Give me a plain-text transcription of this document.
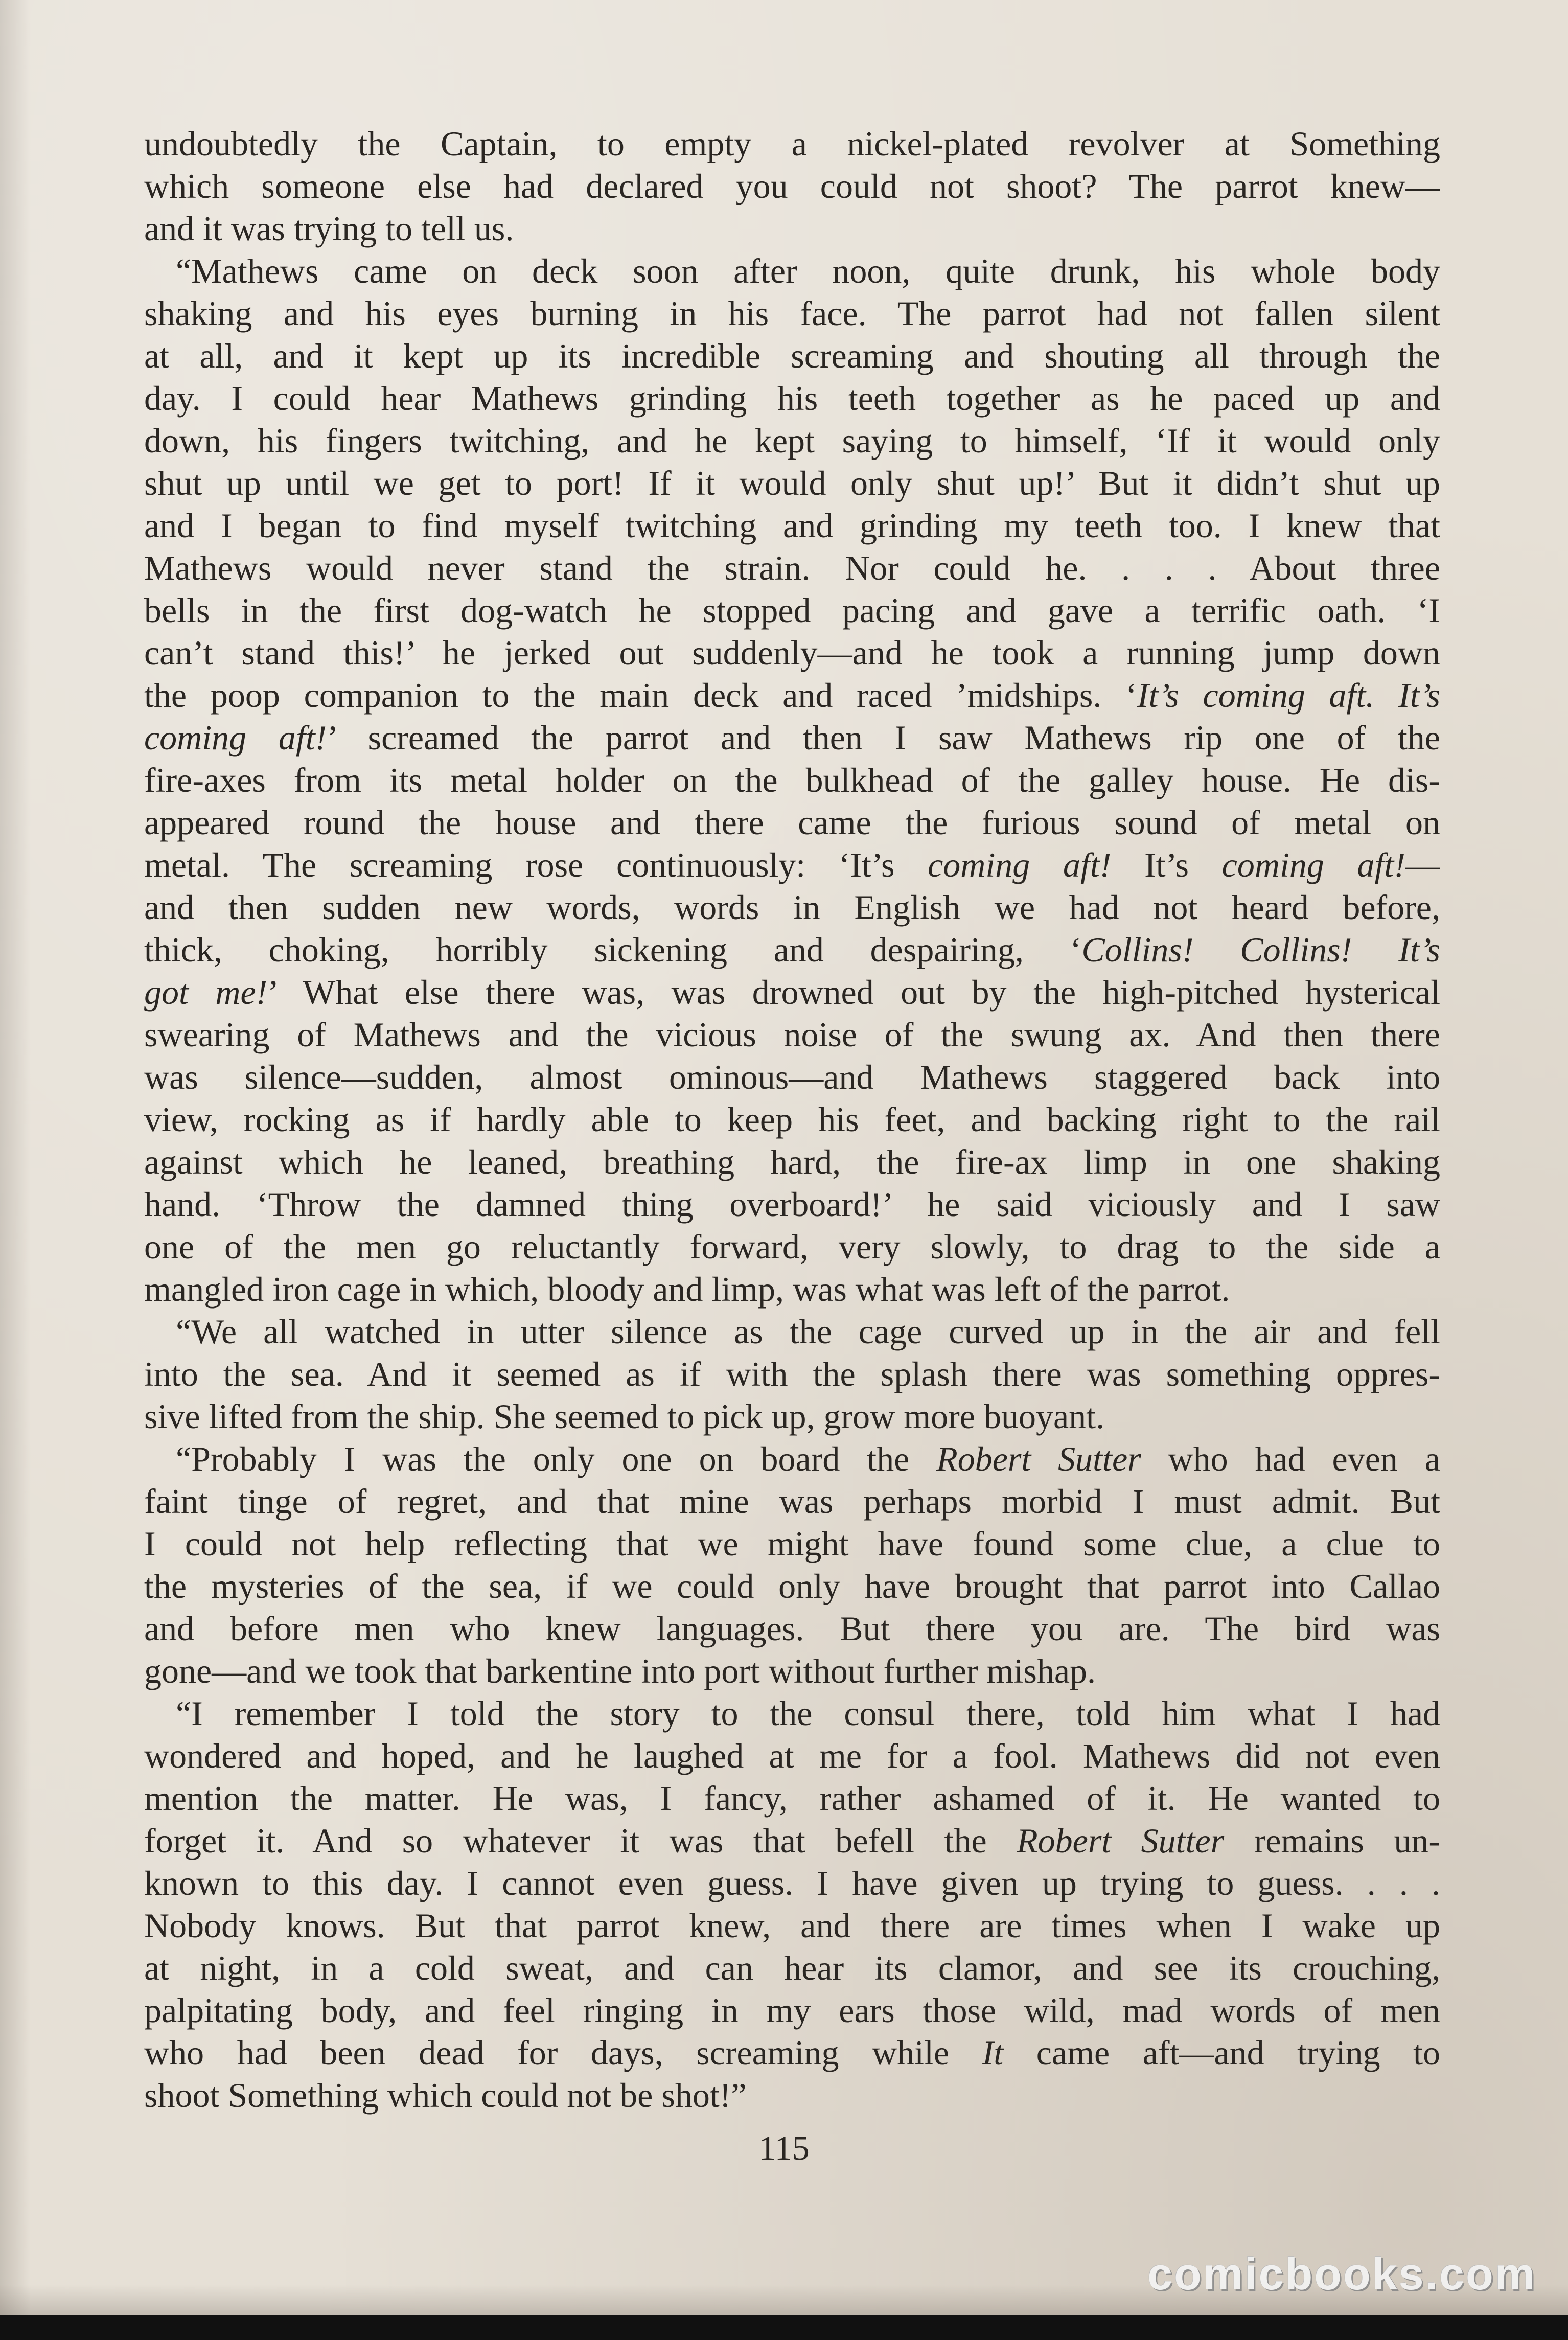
undoubtedly the Captain, to empty a nickel-plated revolver at Something
which someone else had declared you could not shoot? The parrot knew—
and it was trying to tell us.
“Mathews came on deck soon after noon, quite drunk, his whole body
shaking and his eyes burning in his face. The parrot had not fallen silent
at all, and it kept up its incredible screaming and shouting all through the
day. I could hear Mathews grinding his teeth together as he paced up and
down, his fingers twitching, and he kept saying to himself, ‘If it would only
shut up until we get to port! If it would only shut up!’ But it didn’t shut up
and I began to find myself twitching and grinding my teeth too. I knew that
Mathews would never stand the strain. Nor could he. . . . About three
bells in the first dog-watch he stopped pacing and gave a terrific oath. ‘I
can’t stand this!’ he jerked out suddenly—and he took a running jump down
the poop companion to the main deck and raced ’midships. ‘It’s coming aft. It’s
coming aft!’ screamed the parrot and then I saw Mathews rip one of the
fire-axes from its metal holder on the bulkhead of the galley house. He dis-
appeared round the house and there came the furious sound of metal on
metal. The screaming rose continuously: ‘It’s coming aft! It’s coming aft!—
and then sudden new words, words in English we had not heard before,
thick, choking, horribly sickening and despairing, ‘Collins! Collins! It’s
got me!’ What else there was, was drowned out by the high-pitched hysterical
swearing of Mathews and the vicious noise of the swung ax. And then there
was silence—sudden, almost ominous—and Mathews staggered back into
view, rocking as if hardly able to keep his feet, and backing right to the rail
against which he leaned, breathing hard, the fire-ax limp in one shaking
hand. ‘Throw the damned thing overboard!’ he said viciously and I saw
one of the men go reluctantly forward, very slowly, to drag to the side a
mangled iron cage in which, bloody and limp, was what was left of the parrot.
“We all watched in utter silence as the cage curved up in the air and fell
into the sea. And it seemed as if with the splash there was something oppres-
sive lifted from the ship. She seemed to pick up, grow more buoyant.
“Probably I was the only one on board the Robert Sutter who had even a
faint tinge of regret, and that mine was perhaps morbid I must admit. But
I could not help reflecting that we might have found some clue, a clue to
the mysteries of the sea, if we could only have brought that parrot into Callao
and before men who knew languages. But there you are. The bird was
gone—and we took that barkentine into port without further mishap.
“I remember I told the story to the consul there, told him what I had
wondered and hoped, and he laughed at me for a fool. Mathews did not even
mention the matter. He was, I fancy, rather ashamed of it. He wanted to
forget it. And so whatever it was that befell the Robert Sutter remains un-
known to this day. I cannot even guess. I have given up trying to guess. . . .
Nobody knows. But that parrot knew, and there are times when I wake up
at night, in a cold sweat, and can hear its clamor, and see its crouching,
palpitating body, and feel ringing in my ears those wild, mad words of men
who had been dead for days, screaming while It came aft—and trying to
shoot Something which could not be shot!”
115
comicbooks.com
